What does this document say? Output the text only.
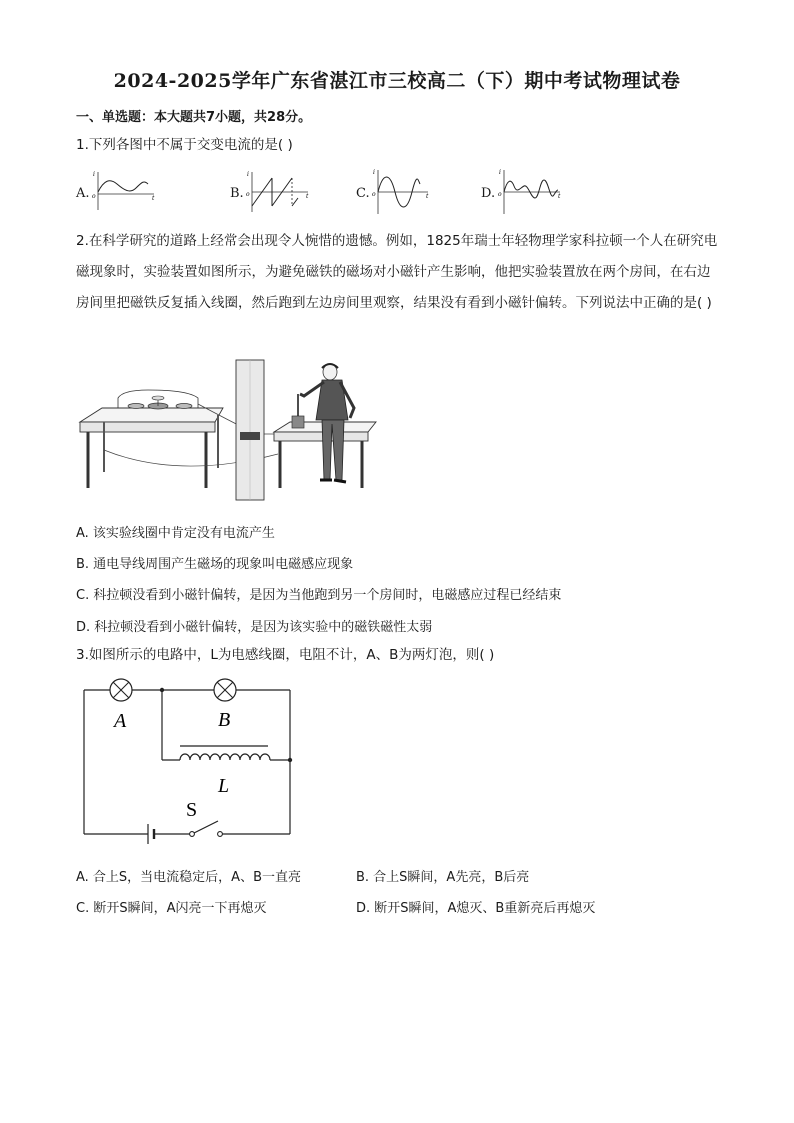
2024-2025学年广东省湛江市三校高二（下）期中考试物理试卷
一、单选题：本大题共7小题，共28分。
1.下列各图中不属于交变电流的是( )
A.	B.	C.	D.
i
o	t
i
o	t
i
o	t
i
o	t
2.在科学研究的道路上经常会出现令人惋惜的遗憾。例如，1825年瑞士年轻物理学家科拉顿一个人在研究电磁现象时，实验装置如图所示，为避免磁铁的磁场对小磁针产生影响，他把实验装置放在两个房间，在右边房间里把磁铁反复插入线圈，然后跑到左边房间里观察，结果没有看到小磁针偏转。下列说法中正确的是( )
A. 该实验线圈中肯定没有电流产生
B. 通电导线周围产生磁场的现象叫电磁感应现象
C. 科拉顿没看到小磁针偏转，是因为当他跑到另一个房间时，电磁感应过程已经结束
D. 科拉顿没看到小磁针偏转，是因为该实验中的磁铁磁性太弱
3.如图所示的电路中，L为电感线圈，电阻不计，A、B为两灯泡，则( )
A	B
L
S
A. 合上S，当电流稳定后，A、B一直亮	B. 合上S瞬间，A先亮，B后亮
C. 断开S瞬间，A闪亮一下再熄灭	D. 断开S瞬间，A熄灭、B重新亮后再熄灭
